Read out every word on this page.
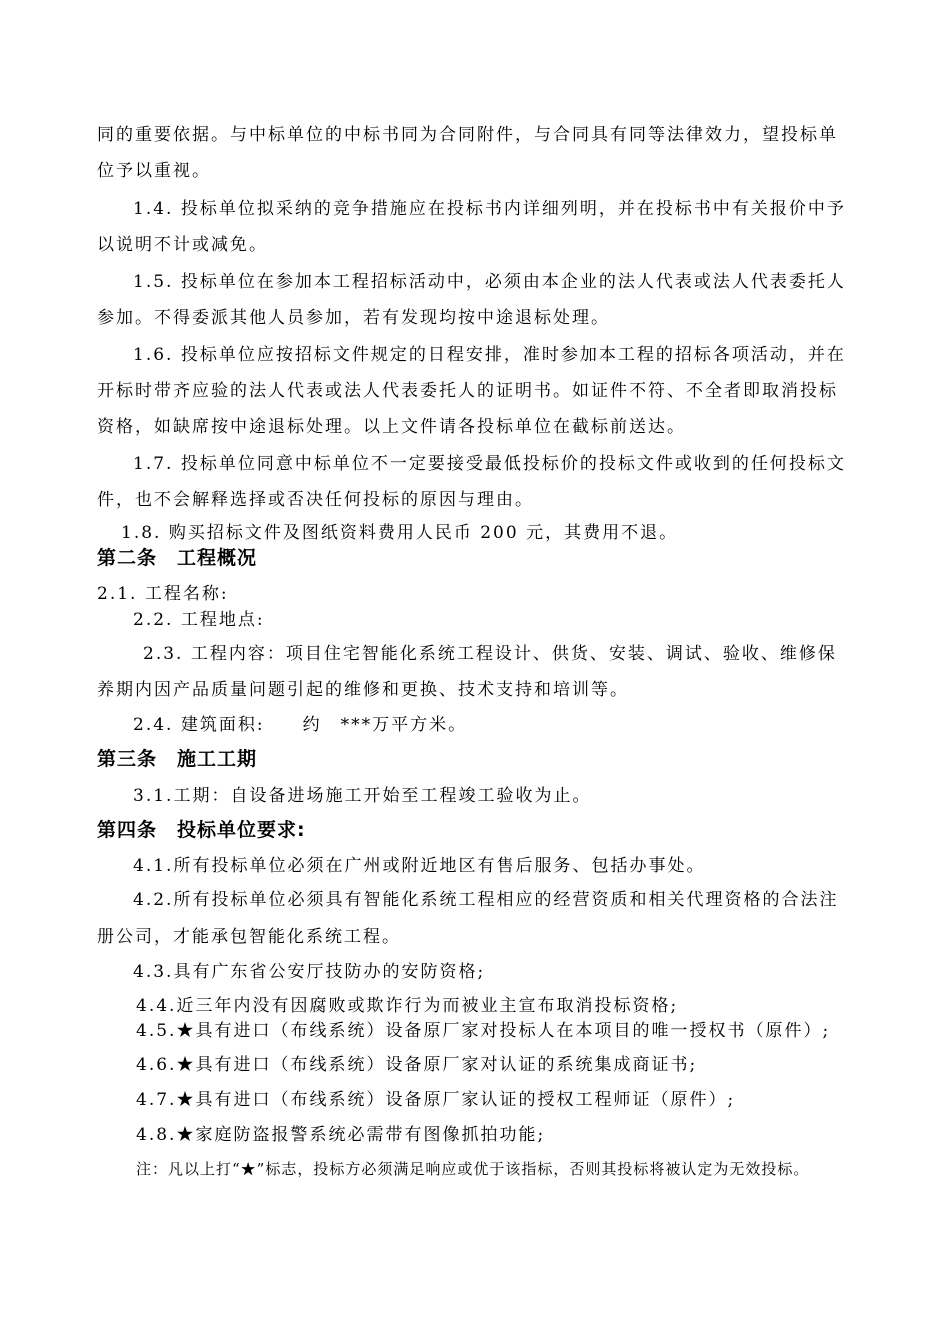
同的重要依据。与中标单位的中标书同为合同附件，与合同具有同等法律效力，望投标单
位予以重视。
1.4. 投标单位拟采纳的竞争措施应在投标书内详细列明，并在投标书中有关报价中予
以说明不计或减免。
1.5. 投标单位在参加本工程招标活动中，必须由本企业的法人代表或法人代表委托人
参加。不得委派其他人员参加，若有发现均按中途退标处理。
1.6. 投标单位应按招标文件规定的日程安排，准时参加本工程的招标各项活动，并在
开标时带齐应验的法人代表或法人代表委托人的证明书。如证件不符、不全者即取消投标
资格，如缺席按中途退标处理。以上文件请各投标单位在截标前送达。
1.7. 投标单位同意中标单位不一定要接受最低投标价的投标文件或收到的任何投标文
件，也不会解释选择或否决任何投标的原因与理由。
1.8. 购买招标文件及图纸资料费用人民币 200 元，其费用不退。
第二条　工程概况
2.1. 工程名称:
2.2. 工程地点:
2.3. 工程内容：项目住宅智能化系统工程设计、供货、安装、调试、验收、维修保
养期内因产品质量问题引起的维修和更换、技术支持和培训等。
2.4. 建筑面积:　　约　***万平方米。
第三条　施工工期
3.1.工期：自设备进场施工开始至工程竣工验收为止。
第四条　投标单位要求:
4.1.所有投标单位必须在广州或附近地区有售后服务、包括办事处。
4.2.所有投标单位必须具有智能化系统工程相应的经营资质和相关代理资格的合法注
册公司，才能承包智能化系统工程。
4.3.具有广东省公安厅技防办的安防资格;
4.4.近三年内没有因腐败或欺诈行为而被业主宣布取消投标资格;
4.5.★具有进口（布线系统）设备原厂家对投标人在本项目的唯一授权书（原件）;
4.6.★具有进口（布线系统）设备原厂家对认证的系统集成商证书;
4.7.★具有进口（布线系统）设备原厂家认证的授权工程师证（原件）;
4.8.★家庭防盗报警系统必需带有图像抓拍功能;
注：凡以上打“★”标志，投标方必须满足响应或优于该指标，否则其投标将被认定为无效投标。
